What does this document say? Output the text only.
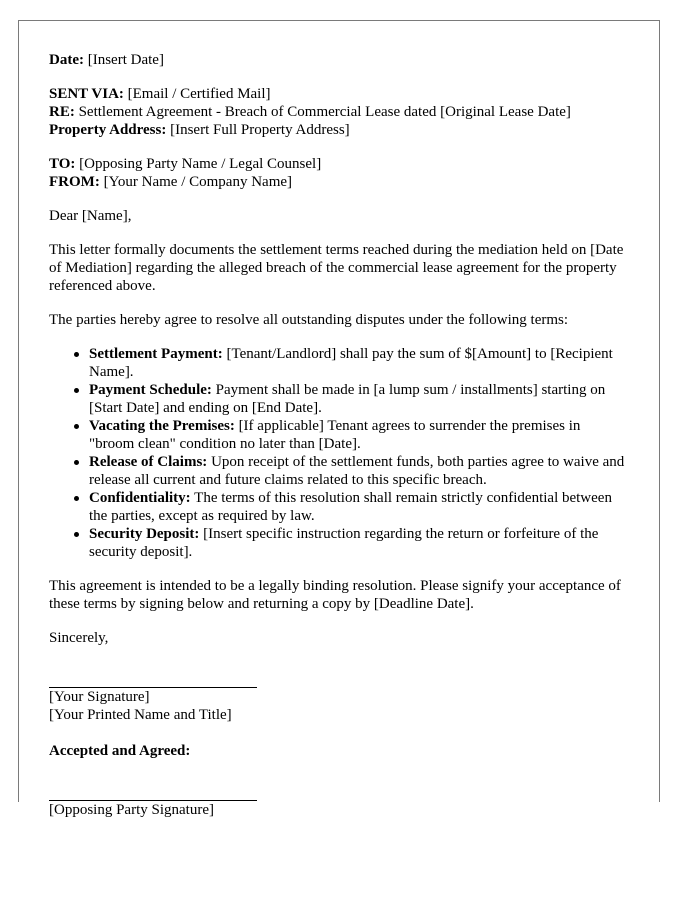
Date: [Insert Date]

SENT VIA: [Email / Certified Mail]

RE: Settlement Agreement - Breach of Commercial Lease dated [Original Lease Date]

Property Address: [Insert Full Property Address]

TO: [Opposing Party Name / Legal Counsel]

FROM: [Your Name / Company Name]

Dear [Name],

This letter formally documents the settlement terms reached during the mediation held on [Date of Mediation] regarding the alleged breach of the commercial lease agreement for the property referenced above.

The parties hereby agree to resolve all outstanding disputes under the following terms:

Settlement Payment: [Tenant/Landlord] shall pay the sum of $[Amount] to [Recipient Name].
Payment Schedule: Payment shall be made in [a lump sum / installments] starting on [Start Date] and ending on [End Date].
Vacating the Premises: [If applicable] Tenant agrees to surrender the premises in "broom clean" condition no later than [Date].
Release of Claims: Upon receipt of the settlement funds, both parties agree to waive and release all current and future claims related to this specific breach.
Confidentiality: The terms of this resolution shall remain strictly confidential between the parties, except as required by law.
Security Deposit: [Insert specific instruction regarding the return or forfeiture of the security deposit].

This agreement is intended to be a legally binding resolution. Please signify your acceptance of these terms by signing below and returning a copy by [Deadline Date].

Sincerely,

[Your Signature]

[Your Printed Name and Title]

Accepted and Agreed:

[Opposing Party Signature]
